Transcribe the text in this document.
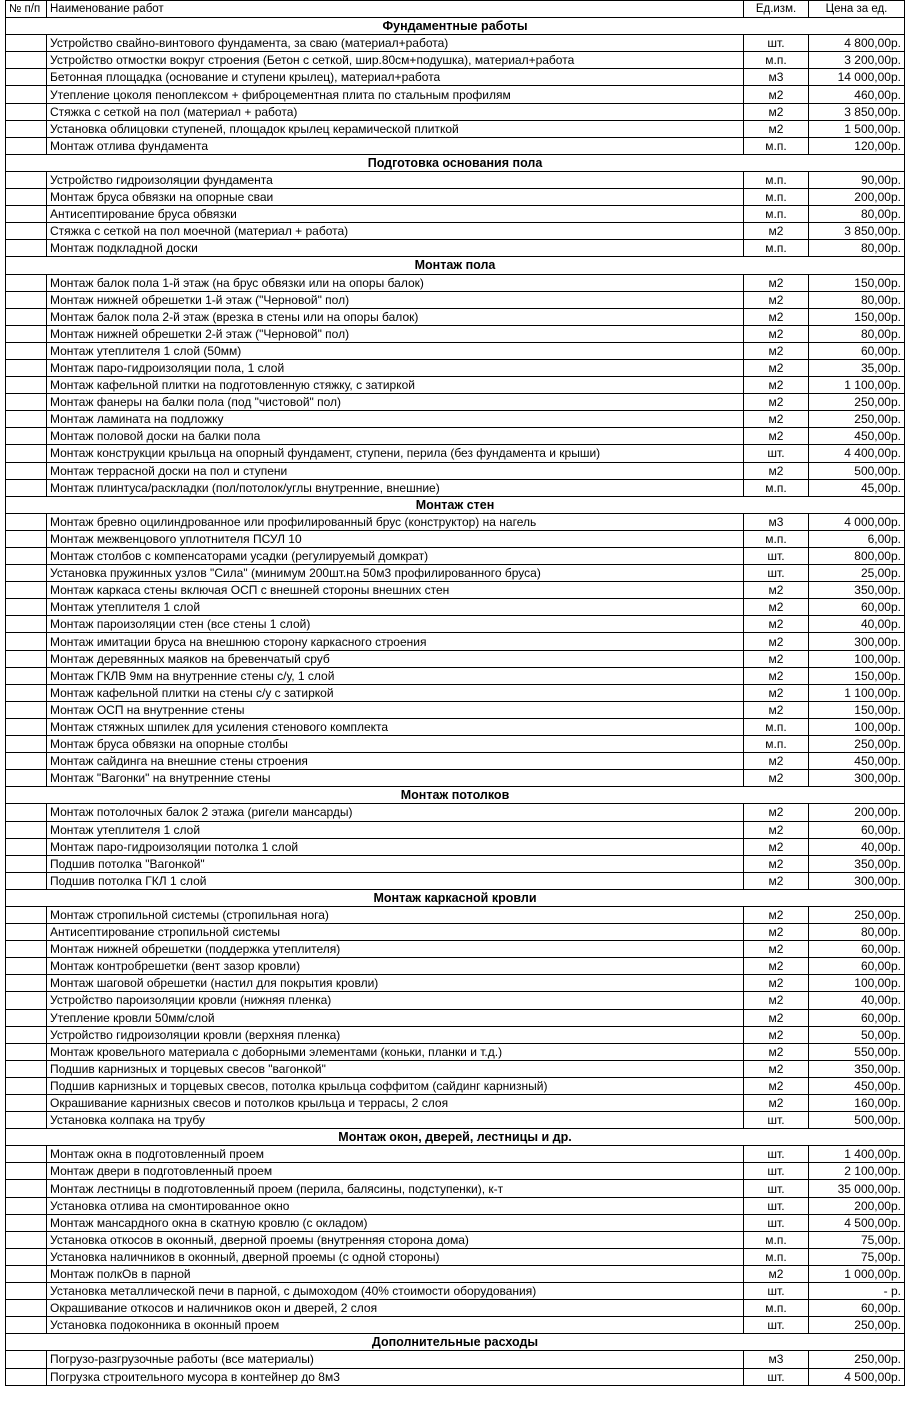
№ п/п	Наименование работ	Ед.изм.	Цена за ед.
Фундаментные работы			
	Устройство свайно-винтового фундамента, за сваю (материал+работа)	шт.	4 800,00р.
	Устройство отмостки вокруг строения (Бетон с сеткой, шир.80см+подушка), материал+работа	м.п.	3 200,00р.
	Бетонная площадка (основание и ступени крылец), материал+работа	м3	14 000,00р.
	Утепление цоколя пеноплексом + фиброцементная плита по стальным профилям	м2	460,00р.
	Стяжка с сеткой на пол (материал + работа)	м2	3 850,00р.
	Установка облицовки ступеней, площадок крылец керамической плиткой	м2	1 500,00р.
	Монтаж отлива фундамента	м.п.	120,00р.
Подготовка основания пола			
	Устройство гидроизоляции фундамента	м.п.	90,00р.
	Монтаж бруса обвязки на опорные сваи	м.п.	200,00р.
	Антисептирование бруса обвязки	м.п.	80,00р.
	Стяжка с сеткой на пол моечной (материал + работа)	м2	3 850,00р.
	Монтаж подкладной доски	м.п.	80,00р.
Монтаж пола			
	Монтаж балок пола 1-й этаж (на брус обвязки или на опоры балок)	м2	150,00р.
	Монтаж нижней обрешетки 1-й этаж ("Черновой" пол)	м2	80,00р.
	Монтаж балок пола 2-й этаж (врезка в стены или на опоры балок)	м2	150,00р.
	Монтаж нижней обрешетки 2-й этаж ("Черновой" пол)	м2	80,00р.
	Монтаж утеплителя 1 слой (50мм)	м2	60,00р.
	Монтаж паро-гидроизоляции пола, 1 слой	м2	35,00р.
	Монтаж кафельной плитки на подготовленную стяжку, с затиркой	м2	1 100,00р.
	Монтаж фанеры на балки пола (под "чистовой" пол)	м2	250,00р.
	Монтаж ламината на подложку	м2	250,00р.
	Монтаж половой доски на балки пола	м2	450,00р.
	Монтаж конструкции крыльца на опорный фундамент, ступени, перила (без фундамента и крыши)	шт.	4 400,00р.
	Монтаж террасной доски на пол и ступени	м2	500,00р.
	Монтаж плинтуса/раскладки (пол/потолок/углы внутренние, внешние)	м.п.	45,00р.
Монтаж стен			
	Монтаж бревно оцилиндрованное или профилированный брус (конструктор) на нагель	м3	4 000,00р.
	Монтаж межвенцового уплотнителя ПСУЛ 10	м.п.	6,00р.
	Монтаж столбов с компенсаторами усадки (регулируемый домкрат)	шт.	800,00р.
	Установка пружинных узлов "Сила" (минимум 200шт.на 50м3 профилированного бруса)	шт.	25,00р.
	Монтаж каркаса стены включая ОСП с внешней стороны внешних стен	м2	350,00р.
	Монтаж утеплителя 1 слой	м2	60,00р.
	Монтаж пароизоляции стен (все стены 1 слой)	м2	40,00р.
	Монтаж имитации бруса на внешнюю сторону каркасного строения	м2	300,00р.
	Монтаж деревянных маяков на бревенчатый сруб	м2	100,00р.
	Монтаж ГКЛВ 9мм на внутренние стены с/у, 1 слой	м2	150,00р.
	Монтаж кафельной плитки на стены с/у с затиркой	м2	1 100,00р.
	Монтаж ОСП на внутренние стены	м2	150,00р.
	Монтаж стяжных шпилек для усиления стенового комплекта	м.п.	100,00р.
	Монтаж бруса обвязки на опорные столбы	м.п.	250,00р.
	Монтаж сайдинга на внешние стены строения	м2	450,00р.
	Монтаж "Вагонки" на внутренние стены	м2	300,00р.
Монтаж потолков			
	Монтаж потолочных балок 2 этажа (ригели мансарды)	м2	200,00р.
	Монтаж утеплителя 1 слой	м2	60,00р.
	Монтаж паро-гидроизоляции потолка 1 слой	м2	40,00р.
	Подшив потолка "Вагонкой"	м2	350,00р.
	Подшив потолка ГКЛ 1 слой	м2	300,00р.
Монтаж каркасной кровли			
	Монтаж стропильной системы (стропильная нога)	м2	250,00р.
	Антисептирование стропильной системы	м2	80,00р.
	Монтаж нижней обрешетки (поддержка утеплителя)	м2	60,00р.
	Монтаж контробрешетки (вент зазор кровли)	м2	60,00р.
	Монтаж шаговой обрешетки (настил для покрытия кровли)	м2	100,00р.
	Устройство пароизоляции кровли (нижняя пленка)	м2	40,00р.
	Утепление кровли 50мм/слой	м2	60,00р.
	Устройство гидроизоляции кровли (верхняя пленка)	м2	50,00р.
	Монтаж кровельного материала с доборными элементами (коньки, планки и т.д.)	м2	550,00р.
	Подшив карнизных и торцевых свесов "вагонкой"	м2	350,00р.
	Подшив карнизных и торцевых свесов, потолка крыльца соффитом (сайдинг карнизный)	м2	450,00р.
	Окрашивание карнизных свесов и потолков крыльца и террасы, 2 слоя	м2	160,00р.
	Установка колпака на трубу	шт.	500,00р.
Монтаж окон, дверей, лестницы и др.			
	Монтаж окна в подготовленный проем	шт.	1 400,00р.
	Монтаж двери в подготовленный проем	шт.	2 100,00р.
	Монтаж лестницы в подготовленный проем (перила, балясины, подступенки), к-т	шт.	35 000,00р.
	Установка отлива на смонтированное окно	шт.	200,00р.
	Монтаж мансардного окна в скатную кровлю (с окладом)	шт.	4 500,00р.
	Установка откосов в оконный, дверной проемы (внутренняя сторона дома)	м.п.	75,00р.
	Установка наличников в оконный, дверной проемы (с одной стороны)	м.п.	75,00р.
	Монтаж полкОв в парной	м2	1 000,00р.
	Установка металлической печи в парной, с дымоходом (40% стоимости оборудования)	шт.	- р.
	Окрашивание откосов и наличников окон и дверей, 2 слоя	м.п.	60,00р.
	Установка подоконника в оконный проем	шт.	250,00р.
Дополнительные расходы			
	Погрузо-разгрузочные работы (все материалы)	м3	250,00р.
	Погрузка строительного мусора в контейнер до 8м3	шт.	4 500,00р.
